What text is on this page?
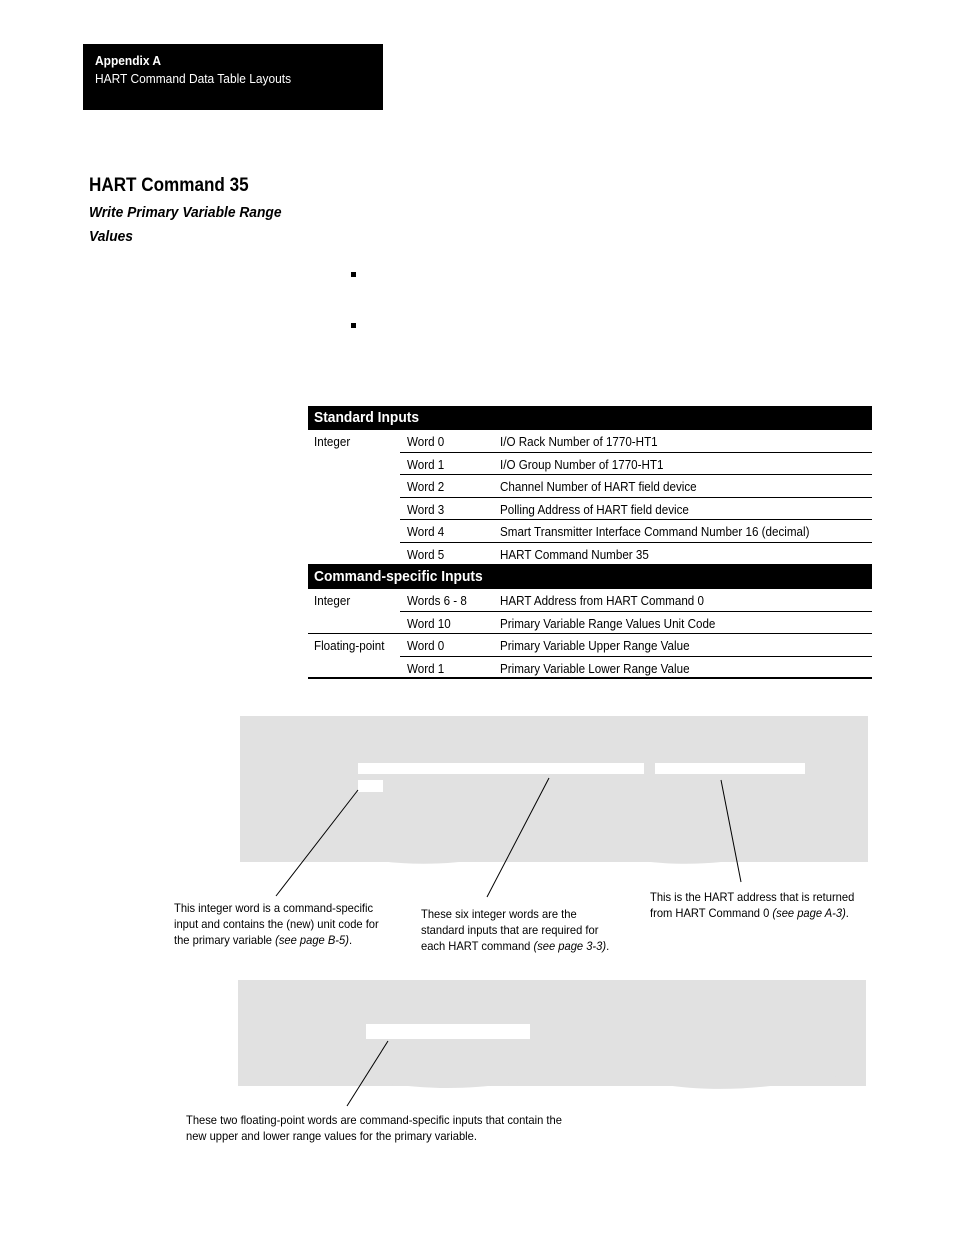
Appendix A
HART Command Data Table Layouts
HART Command 35
Write Primary Variable Range Values
Standard Inputs
Integer	Word 0	I/O Rack Number of 1770-HT1
Word 1	I/O Group Number of 1770-HT1
Word 2	Channel Number of HART field device
Word 3	Polling Address of HART field device
Word 4	Smart Transmitter Interface Command Number 16 (decimal)
Word 5	HART Command Number 35
Command-specific Inputs
Integer	Words 6 - 8	HART Address from HART Command 0
Word 10	Primary Variable Range Values Unit Code
Floating-point Word 0	Primary Variable Upper Range Value
Word 1	Primary Variable Lower Range Value
This integer word is a command-specific input and contains the (new) unit code for the primary variable (see page B-5).
These six integer words are the standard inputs that are required for each HART command (see page 3-3).
This is the HART address that is returned from HART Command 0 (see page A-3).
These two floating-point words are command-specific inputs that contain the new upper and lower range values for the primary variable.
